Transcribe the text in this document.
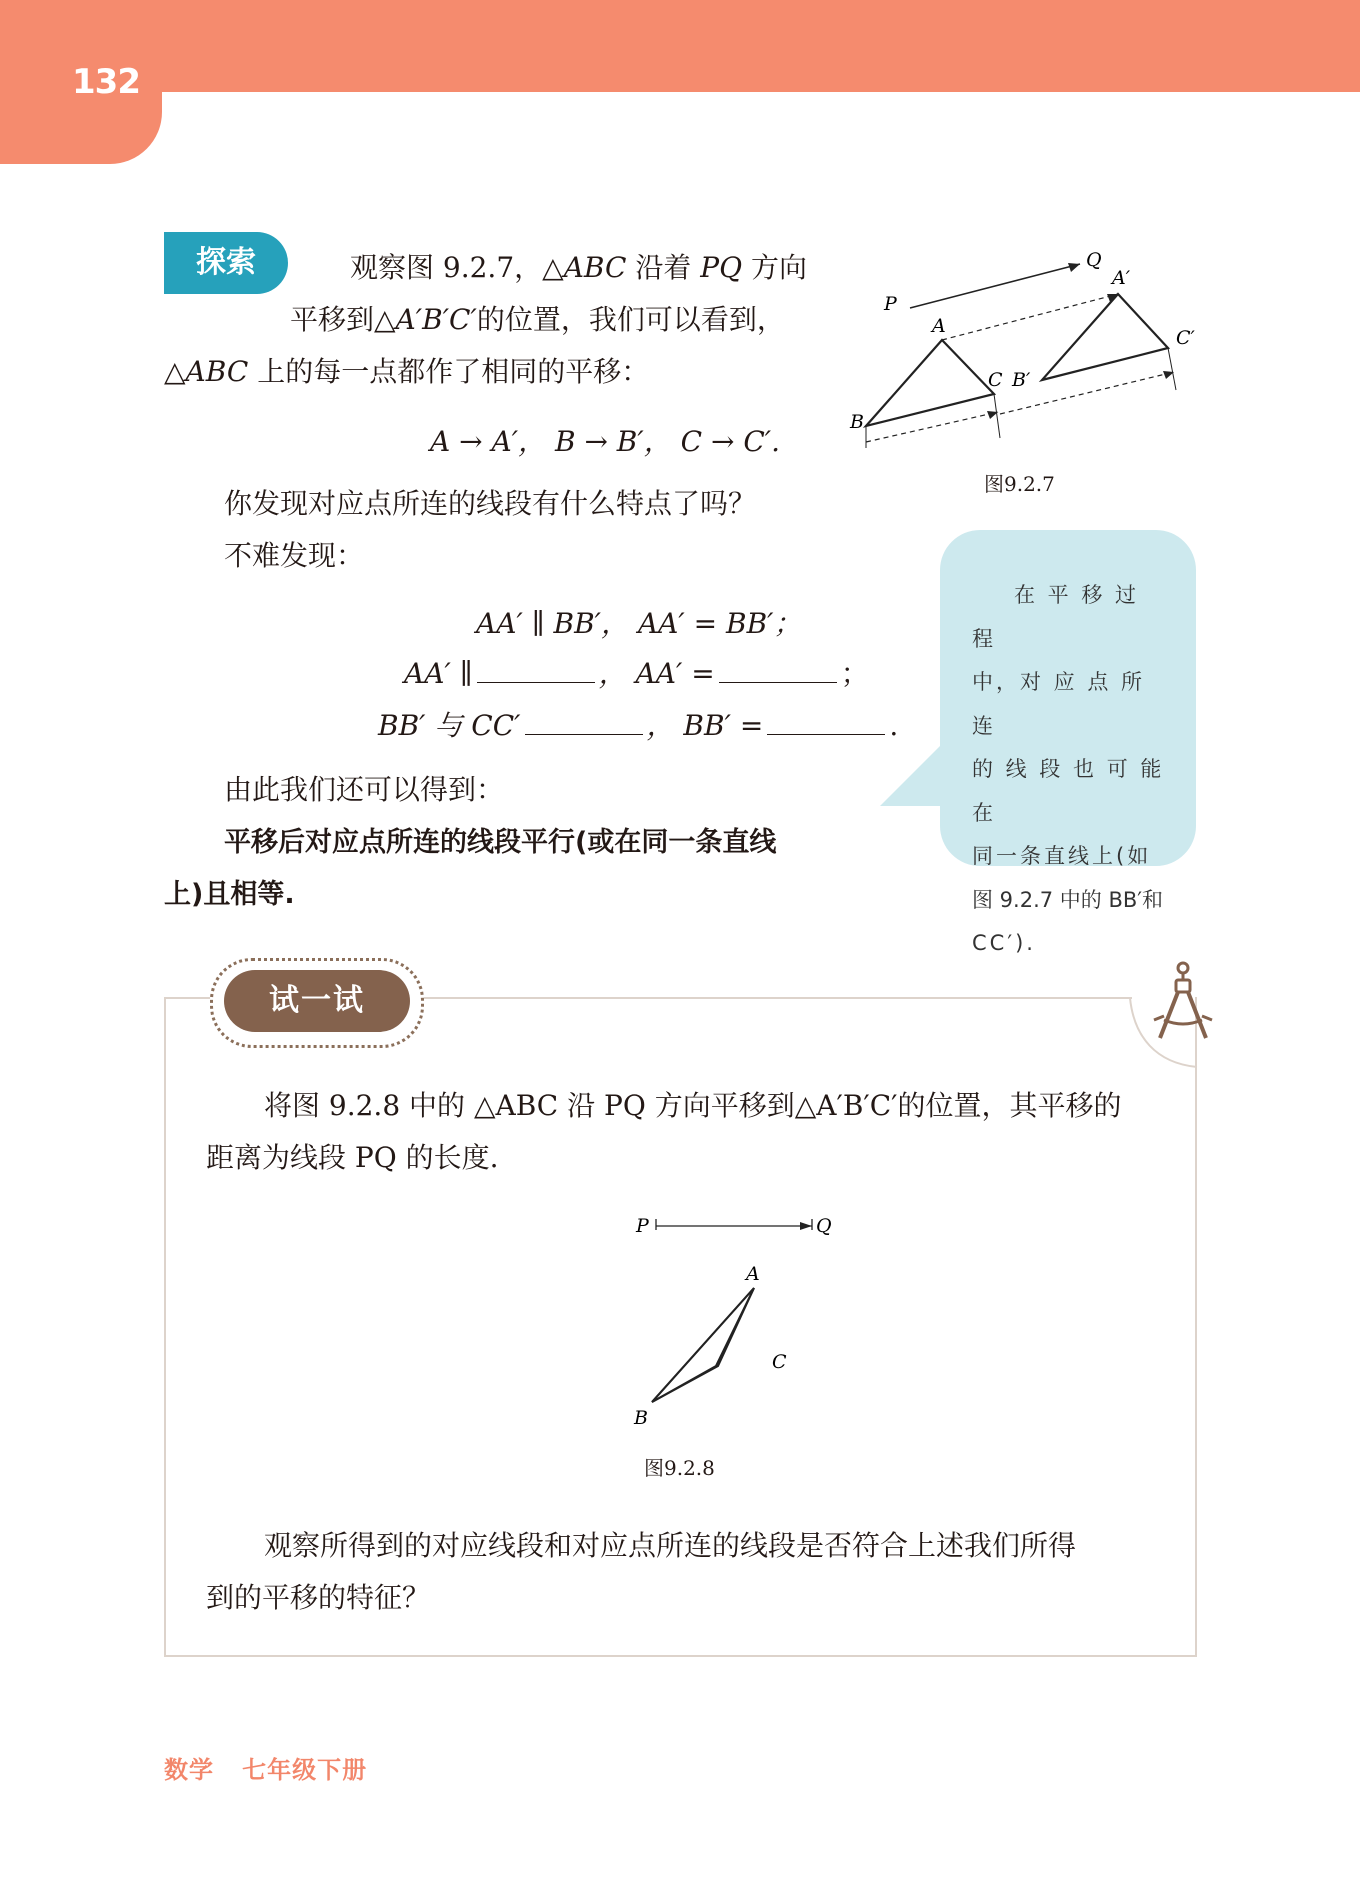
132
探索	观察图 9.2.7，△ABC 沿着 PQ 方向
平移到△A′B′C′的位置，我们可以看到，
△ABC 上的每一点都作了相同的平移：
A → A′， B → B′， C → C′.
你发现对应点所连的线段有什么特点了吗？
不难发现：
AA′ ∥ BB′， AA′ = BB′；
AA′ ∥	， AA′ =	；
BB′ 与 CC′	， BB′ =	.
由此我们还可以得到：
平移后对应点所连的线段平行(或在同一条直线
上)且相等.
P
Q
A
B
C
A′
B′
C′
图9.2.7
在 平 移 过 程
中，对 应 点 所 连
的 线 段 也 可 能 在
同一条直线上(如
图 9.2.7 中的 BB′和
CC′).
试一试
将图 9.2.8 中的 △ABC 沿 PQ 方向平移到△A′B′C′的位置，其平移的
距离为线段 PQ 的长度.
P	Q
A
C
B
图9.2.8
观察所得到的对应线段和对应点所连的线段是否符合上述我们所得
到的平移的特征？
数学   七年级下册
